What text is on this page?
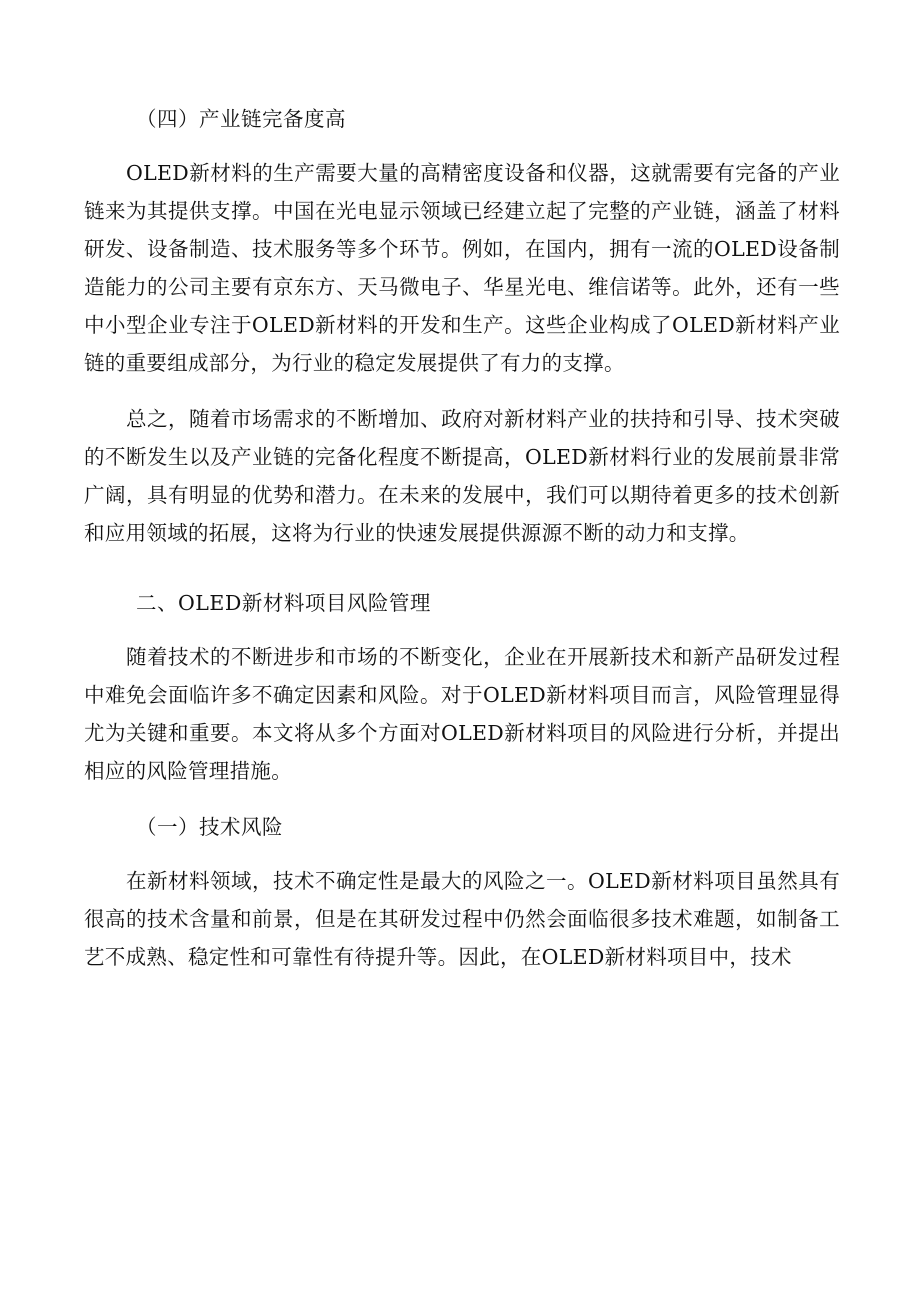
（四）产业链完备度高

OLED新材料的生产需要大量的高精密度设备和仪器，这就需要有完备的产业链来为其提供支撑。中国在光电显示领域已经建立起了完整的产业链，涵盖了材料研发、设备制造、技术服务等多个环节。例如，在国内，拥有一流的OLED设备制造能力的公司主要有京东方、天马微电子、华星光电、维信诺等。此外，还有一些中小型企业专注于OLED新材料的开发和生产。这些企业构成了OLED新材料产业链的重要组成部分，为行业的稳定发展提供了有力的支撑。

总之，随着市场需求的不断增加、政府对新材料产业的扶持和引导、技术突破的不断发生以及产业链的完备化程度不断提高，OLED新材料行业的发展前景非常广阔，具有明显的优势和潜力。在未来的发展中，我们可以期待着更多的技术创新和应用领域的拓展，这将为行业的快速发展提供源源不断的动力和支撑。

二、OLED新材料项目风险管理

随着技术的不断进步和市场的不断变化，企业在开展新技术和新产品研发过程中难免会面临许多不确定因素和风险。对于OLED新材料项目而言，风险管理显得尤为关键和重要。本文将从多个方面对OLED新材料项目的风险进行分析，并提出相应的风险管理措施。

（一）技术风险

在新材料领域，技术不确定性是最大的风险之一。OLED新材料项目虽然具有很高的技术含量和前景，但是在其研发过程中仍然会面临很多技术难题，如制备工艺不成熟、稳定性和可靠性有待提升等。因此，在OLED新材料项目中，技术
